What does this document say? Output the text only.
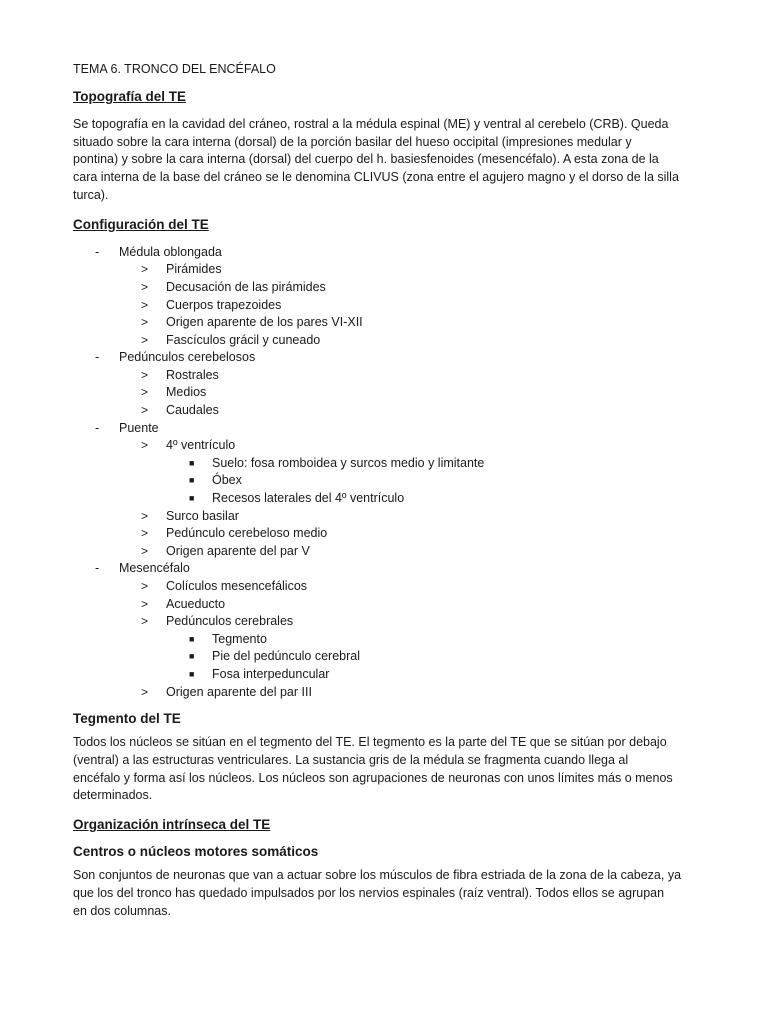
TEMA 6. TRONCO DEL ENCÉFALO
Topografía del TE
Se topografía en la cavidad del cráneo, rostral a la médula espinal (ME) y ventral al cerebelo (CRB). Queda
situado sobre la cara interna (dorsal) de la porción basilar del hueso occipital (impresiones medular y
pontina) y sobre la cara interna (dorsal) del cuerpo del h. basiesfenoides (mesencéfalo). A esta zona de la
cara interna de la base del cráneo se le denomina CLIVUS (zona entre el agujero magno y el dorso de la silla
turca).
Configuración del TE
- Médula oblongada
> Pirámides
> Decusación de las pirámides
> Cuerpos trapezoides
> Origen aparente de los pares VI-XII
> Fascículos grácil y cuneado
- Pedúnculos cerebelosos
> Rostrales
> Medios
> Caudales
- Puente
> 4º ventrículo
■ Suelo: fosa romboidea y surcos medio y limitante
■ Óbex
■ Recesos laterales del 4º ventrículo
> Surco basilar
> Pedúnculo cerebeloso medio
> Origen aparente del par V
- Mesencéfalo
> Colículos mesencefálicos
> Acueducto
> Pedúnculos cerebrales
■ Tegmento
■ Pie del pedúnculo cerebral
■ Fosa interpeduncular
> Origen aparente del par III
Tegmento del TE
Todos los núcleos se sitúan en el tegmento del TE. El tegmento es la parte del TE que se sitúan por debajo
(ventral) a las estructuras ventriculares. La sustancia gris de la médula se fragmenta cuando llega al
encéfalo y forma así los núcleos. Los núcleos son agrupaciones de neuronas con unos límites más o menos
determinados.
Organización intrínseca del TE
Centros o núcleos motores somáticos
Son conjuntos de neuronas que van a actuar sobre los músculos de fibra estriada de la zona de la cabeza, ya
que los del tronco has quedado impulsados por los nervios espinales (raíz ventral). Todos ellos se agrupan
en dos columnas.
